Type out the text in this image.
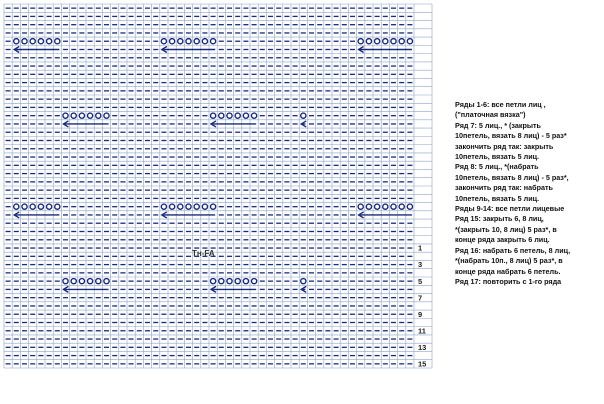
15
13
11
9
7
5
3
1
Тн-FA
Ряды 1-6: все петли лиц ,
("платочная вязка")
Ряд 7: 5 лиц., * (закрыть
10петель, вязать 8 лиц) - 5 раз*
закончить ряд так: закрыть
10петель, вязать 5 лиц.
Ряд 8: 5 лиц., *(набрать
10петель, вязать 8 лиц) - 5 раз*,
закончить ряд так: набрать
10петель, вязать 5 лиц.
Ряды 9-14: все петли лицевые
Ряд 15: закрыть 6, 8 лиц,
*(закрыть 10, 8 лиц) 5 раз*, в
конце ряда закрыть 6 лиц.
Ряд 16: набрать 6 петель, 8 лиц,
*(набрать 10п., 8 лиц) 5 раз*, в
конце ряда набрать 6 петель.
Ряд 17: повторить с 1-го ряда
